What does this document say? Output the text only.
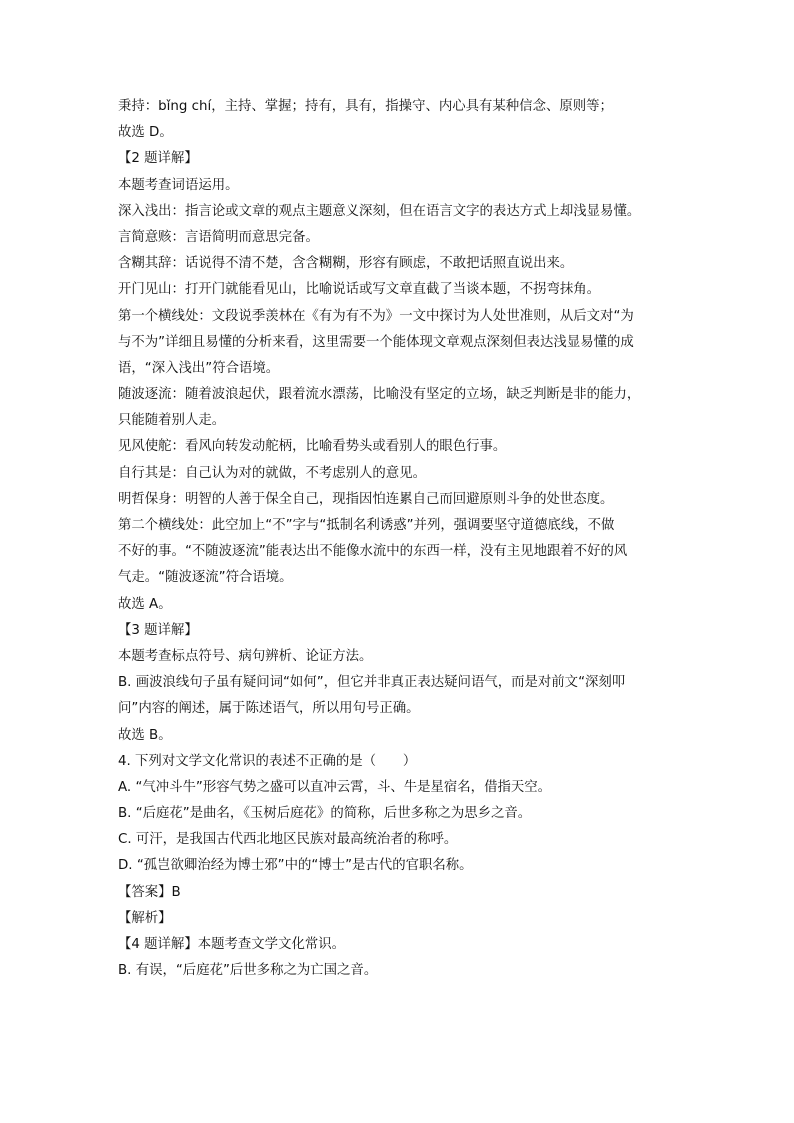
秉持：bǐng chí，主持、掌握；持有，具有，指操守、内心具有某种信念、原则等；
故选 D。
【2 题详解】
本题考查词语运用。
深入浅出：指言论或文章的观点主题意义深刻，但在语言文字的表达方式上却浅显易懂。
言简意赅：言语简明而意思完备。
含糊其辞：话说得不清不楚，含含糊糊，形容有顾虑，不敢把话照直说出来。
开门见山：打开门就能看见山，比喻说话或写文章直截了当谈本题，不拐弯抹角。
第一个横线处：文段说季羡林在《有为有不为》一文中探讨为人处世准则，从后文对“为
与不为”详细且易懂的分析来看，这里需要一个能体现文章观点深刻但表达浅显易懂的成
语，“深入浅出”符合语境。
随波逐流：随着波浪起伏，跟着流水漂荡，比喻没有坚定的立场，缺乏判断是非的能力，
只能随着别人走。
见风使舵：看风向转发动舵柄，比喻看势头或看别人的眼色行事。
自行其是：自己认为对的就做，不考虑别人的意见。
明哲保身：明智的人善于保全自己，现指因怕连累自己而回避原则斗争的处世态度。
第二个横线处：此空加上“不”字与“抵制名利诱惑”并列，强调要坚守道德底线，不做
不好的事。“不随波逐流”能表达出不能像水流中的东西一样，没有主见地跟着不好的风
气走。“随波逐流”符合语境。
故选 A。
【3 题详解】
本题考查标点符号、病句辨析、论证方法。
B. 画波浪线句子虽有疑问词“如何”，但它并非真正表达疑问语气，而是对前文“深刻叩
问”内容的阐述，属于陈述语气，所以用句号正确。
故选 B。
4. 下列对文学文化常识的表述不正确的是（　　）
A. “气冲斗牛”形容气势之盛可以直冲云霄，斗、牛是星宿名，借指天空。
B. “后庭花”是曲名，《玉树后庭花》的简称，后世多称之为思乡之音。
C. 可汗，是我国古代西北地区民族对最高统治者的称呼。
D. “孤岂欲卿治经为博士邪”中的“博士”是古代的官职名称。
【答案】B
【解析】
【4 题详解】本题考查文学文化常识。
B. 有误，“后庭花”后世多称之为亡国之音。
